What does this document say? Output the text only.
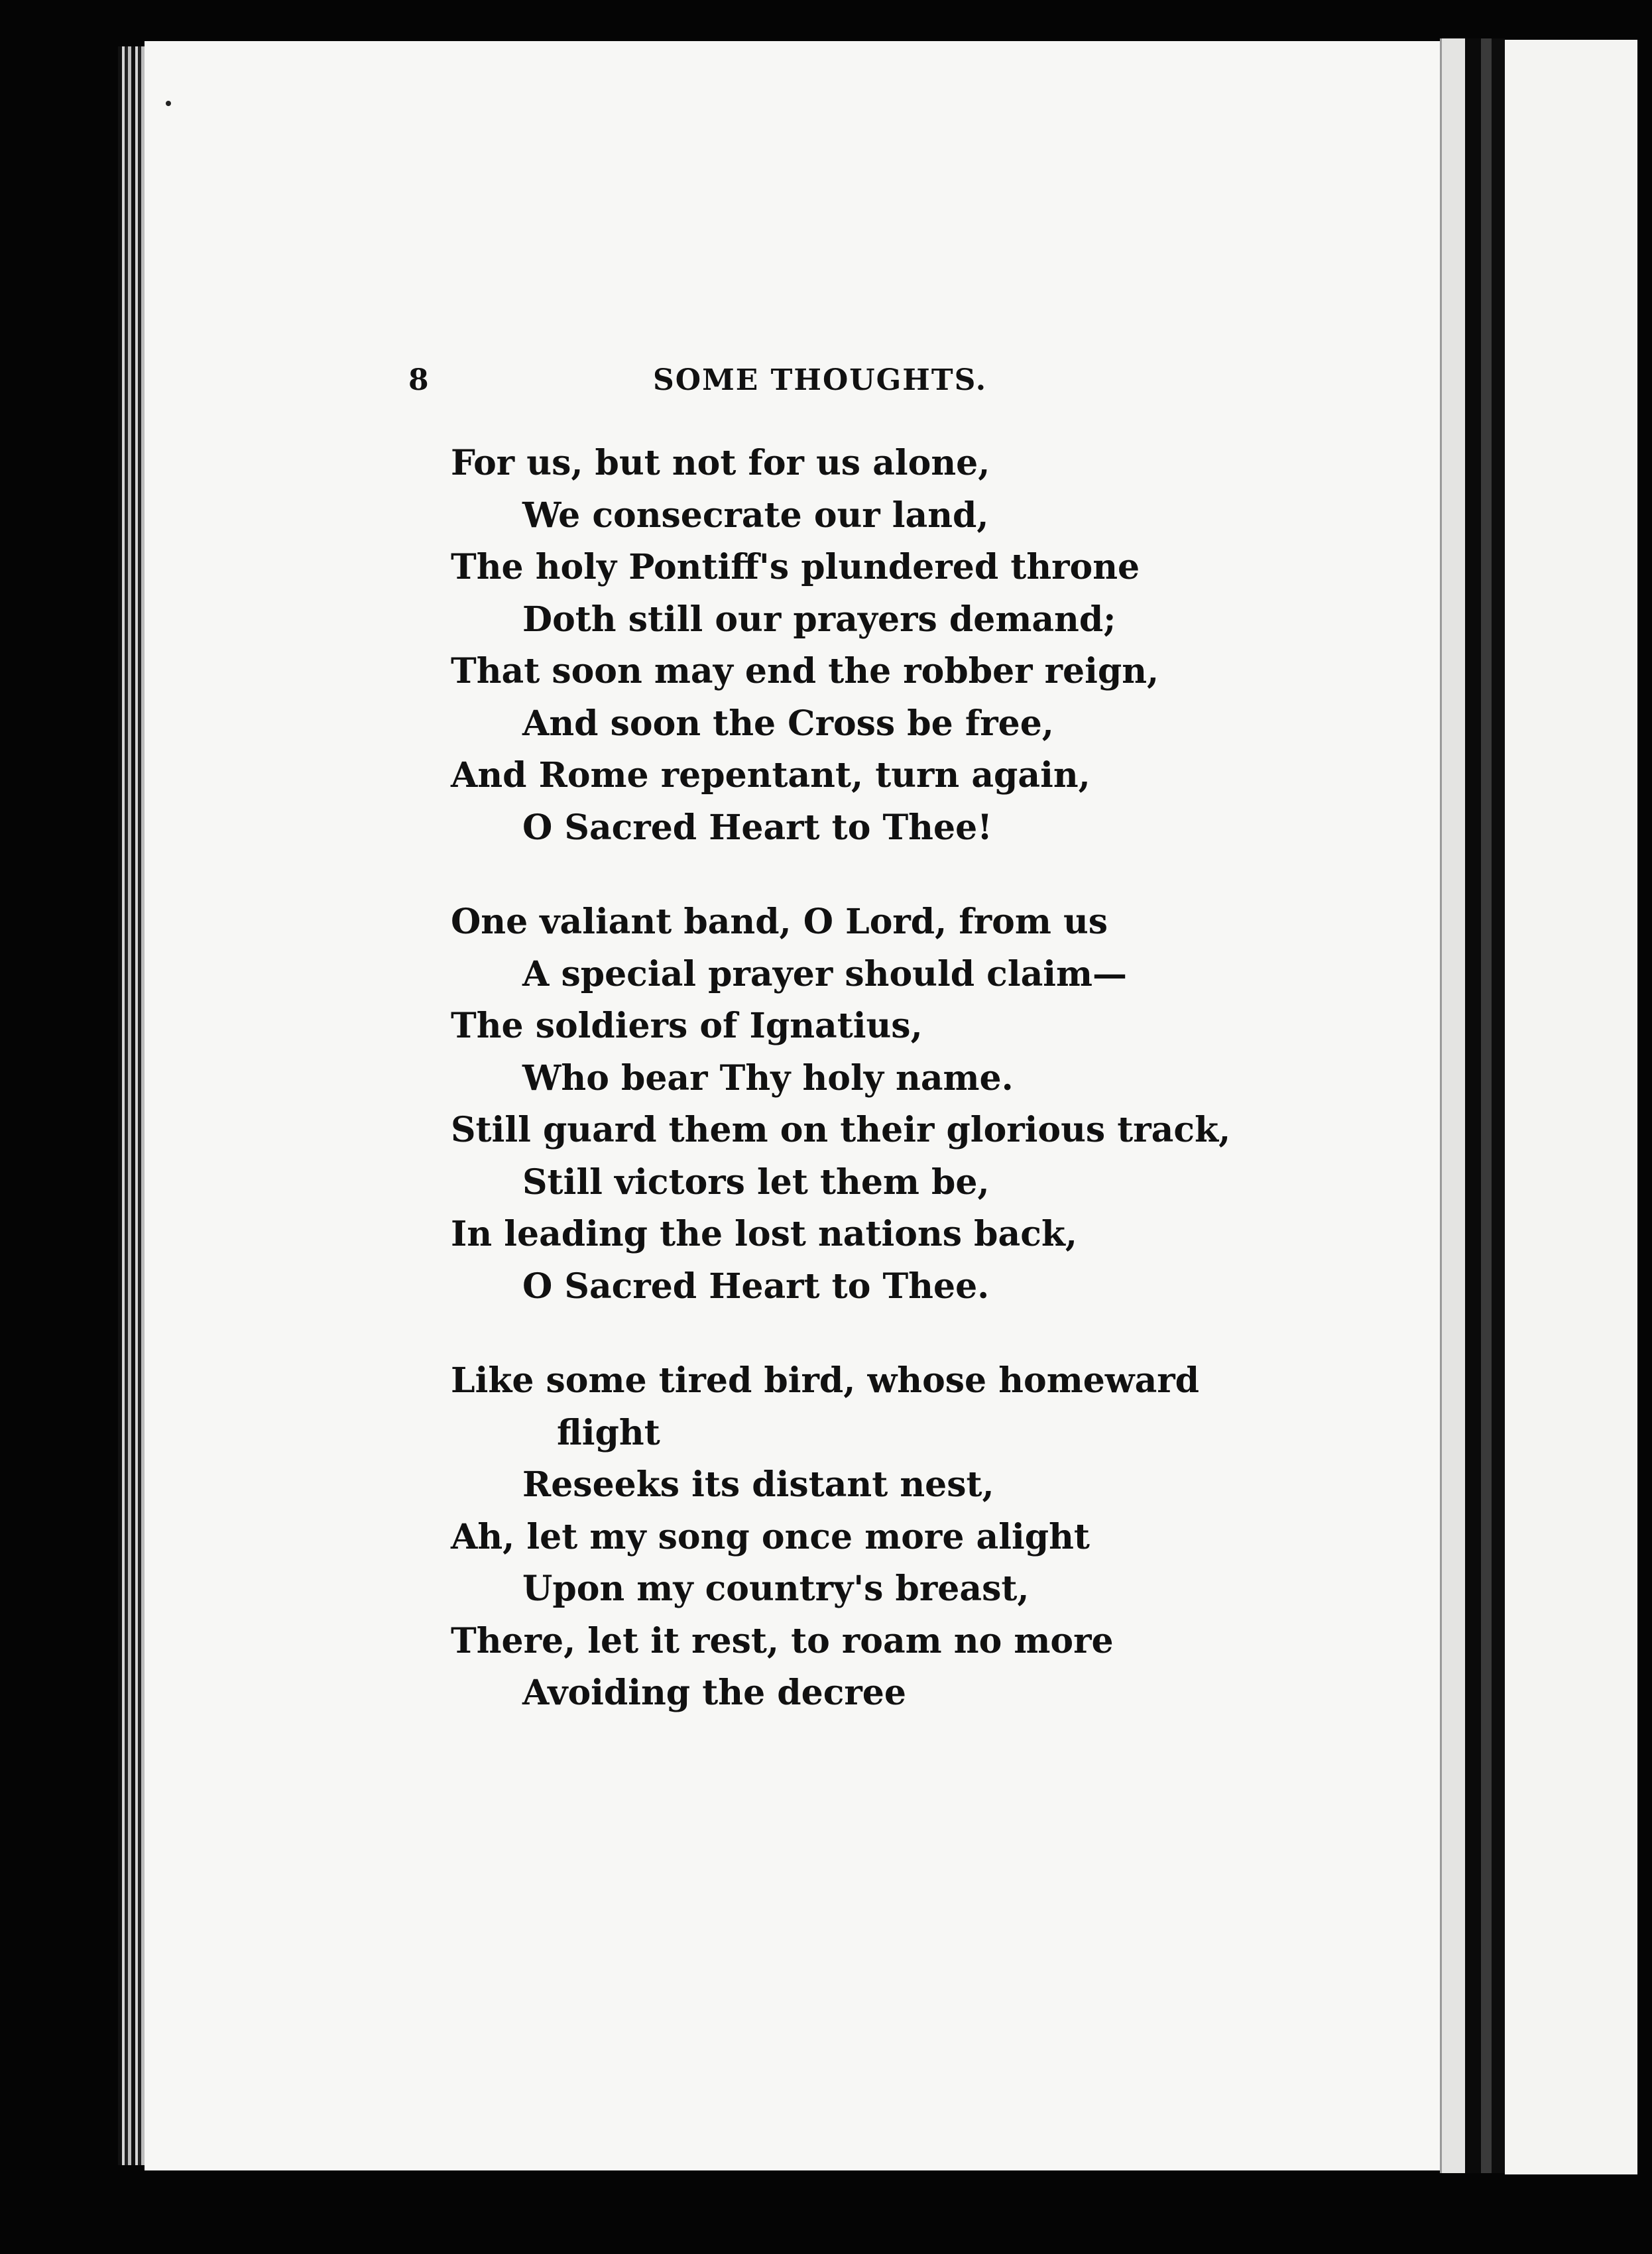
8	SOME THOUGHTS.
For us, but not for us alone,
We consecrate our land,
The holy Pontiff's plundered throne
Doth still our prayers demand;
That soon may end the robber reign,
And soon the Cross be free,
And Rome repentant, turn again,
O Sacred Heart to Thee!
One valiant band, O Lord, from us
A special prayer should claim—
The soldiers of Ignatius,
Who bear Thy holy name.
Still guard them on their glorious track,
Still victors let them be,
In leading the lost nations back,
O Sacred Heart to Thee.
Like some tired bird, whose homeward
flight
Reseeks its distant nest,
Ah, let my song once more alight
Upon my country's breast,
There, let it rest, to roam no more
Avoiding the decree
